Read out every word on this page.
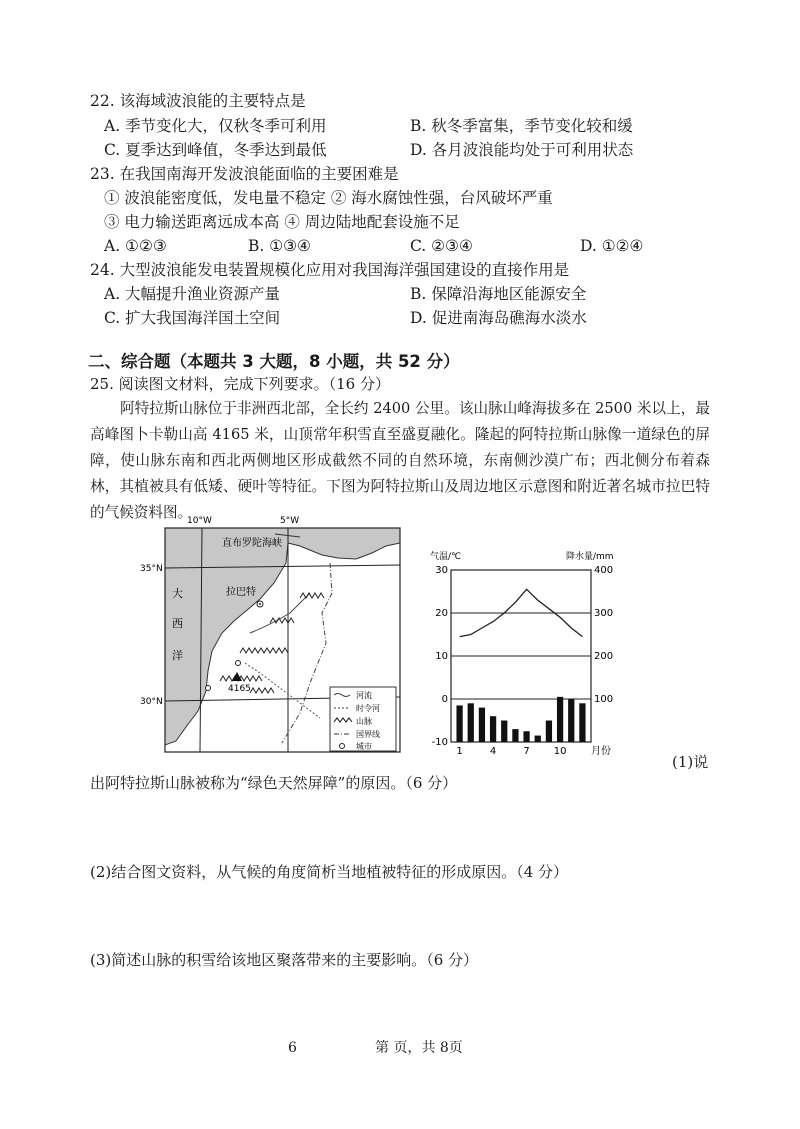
22. 该海域波浪能的主要特点是
A. 季节变化大，仅秋冬季可利用	B. 秋冬季富集，季节变化较和缓
C. 夏季达到峰值，冬季达到最低	D. 各月波浪能均处于可利用状态
23. 在我国南海开发波浪能面临的主要困难是
① 波浪能密度低，发电量不稳定 ② 海水腐蚀性强，台风破坏严重
③ 电力输送距离远成本高 ④ 周边陆地配套设施不足
A. ①②③	B. ①③④	C. ②③④	D. ①②④
24. 大型波浪能发电装置规模化应用对我国海洋强国建设的直接作用是
A. 大幅提升渔业资源产量	B. 保障沿海地区能源安全
C. 扩大我国海洋国土空间	D. 促进南海岛礁海水淡水
二、综合题（本题共 3 大题，8 小题，共 52 分）
25. 阅读图文材料，完成下列要求。（16 分）
阿特拉斯山脉位于非洲西北部，全长约 2400 公里。该山脉山峰海拔多在 2500 米以上，最高峰图卜卡勒山高 4165 米，山顶常年积雪直至盛夏融化。隆起的阿特拉斯山脉像一道绿色的屏障，使山脉东南和西北两侧地区形成截然不同的自然环境，东南侧沙漠广布；西北侧分布着森林，其植被具有低矮、硬叶等特征。下图为阿特拉斯山及周边地区示意图和附近著名城市拉巴特的气候资料图。
10°W	5°W
35°N
30°N
直布罗陀海峡
大
西
洋
拉巴特
4165
河流
时令河
山脉
国界线
城市
气温/℃	降水量/mm
30
20
10
0
-10
400
300
200
100
1	4	7 10 月份
(1)说
出阿特拉斯山脉被称为“绿色天然屏障”的原因。（6 分）
(2)结合图文资料，从气候的角度简析当地植被特征的形成原因。（4 分）
(3)简述山脉的积雪给该地区聚落带来的主要影响。（6 分）
6	第 页，共 8页
